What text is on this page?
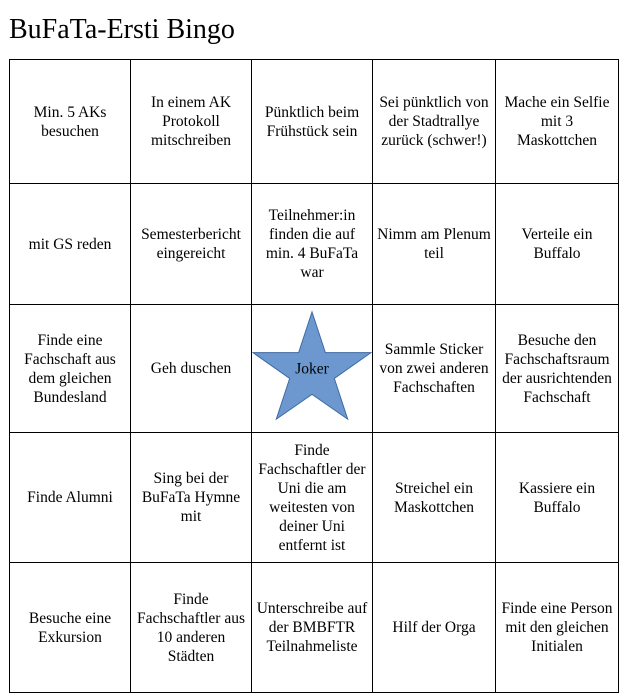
BuFaTa-Ersti Bingo
Min. 5 AKs besuchen	In einem AK Protokoll mitschreiben	Pünktlich beim Frühstück sein	Sei pünktlich von der Stadtrallye zurück (schwer!)	Mache ein Selfie mit 3 Maskottchen

mit GS reden	Semesterbericht eingereicht	Teilnehmer:in finden die auf min. 4 BuFaTa war	Nimm am Plenum teil	Verteile ein Buffalo

Finde eine Fachschaft aus dem gleichen Bundesland	Geh duschen	Joker	Sammle Sticker von zwei anderen Fachschaften	Besuche den Fachschaftsraum der ausrichtenden Fachschaft

Finde Alumni	Sing bei der BuFaTa Hymne mit	Finde Fachschaftler der Uni die am weitesten von deiner Uni entfernt ist	Streichel ein Maskottchen	Kassiere ein Buffalo

Besuche eine Exkursion	Finde Fachschaftler aus 10 anderen Städten	Unterschreibe auf der BMBFTR Teilnahmeliste	Hilf der Orga	Finde eine Person mit den gleichen Initialen
